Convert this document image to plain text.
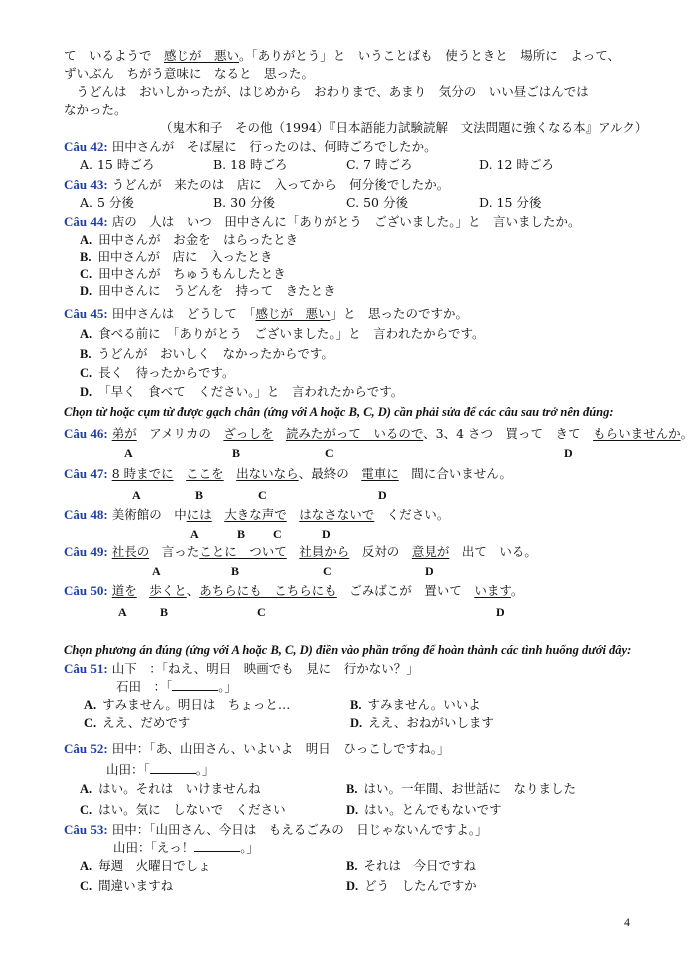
て　いるようで　感じが　悪い。「ありがとう」と　いうことばも　使うときと　場所に　よって、
ずいぶん　ちがう意味に　なると　思った。
　うどんは　おいしかったが、はじめから　おわりまで、あまり　気分の　いい昼ごはんでは
なかった。
（鬼木和子　その他（1994）『日本語能力試験読解　文法問題に強くなる本』アルク）
Câu 42: 田中さんが　そば屋に　行ったのは、何時ごろでしたか。
A. 15 時ごろ	B. 18 時ごろ	C. 7 時ごろ	D. 12 時ごろ
Câu 43: うどんが　来たのは　店に　入ってから　何分後でしたか。
A. 5 分後	B. 30 分後	C. 50 分後	D. 15 分後
Câu 44: 店の　人は　いつ　田中さんに「ありがとう　ございました。」と　言いましたか。
A. 田中さんが　お金を　はらったとき
B. 田中さんが　店に　入ったとき
C. 田中さんが　ちゅうもんしたとき
D. 田中さんに　うどんを　持って　きたとき
Câu 45: 田中さんは　どうして　「感じが　悪い」と　思ったのですか。
A. 食べる前に　「ありがとう　ございました。」と　言われたからです。
B. うどんが　おいしく　なかったからです。
C. 長く　待ったからです。
D. 「早く　食べて　ください。」と　言われたからです。
Chọn từ hoặc cụm từ được gạch chân (ứng với A hoặc B, C, D) cần phải sửa để các câu sau trở nên đúng:
Câu 46: 弟が　 アメリカの　 ざっしを　 読みたがって　いるので、3、4 さつ　買って　きて　 もらいませんか。
A	B	C	D
Câu 47: 8 時までに　 ここを　 出ないなら、最終の　 電車に　 間に合いません。
A	B	C	D
Câu 48: 美術館の　中には　 大きな声で　 はなさないで　 ください。
A	B C	D
Câu 49: 社長の　 言ったことに　ついて　 社員から　 反対の　 意見が　 出て　いる。
A	B	C	D
Câu 50: 道を　 歩くと、あちらにも　こちらにも　 ごみばこが　置いて　 います。
A	B	C	D
Chọn phương án đúng (ứng với A hoặc B, C, D) điền vào phần trống để hoàn thành các tình huống dưới đây:
Câu 51: 山下　：「ねえ、明日　映画でも　見に　行かない？」
石田　：「	。」
A. すみません。明日は　ちょっと…	B. すみません。いいよ
C. ええ、だめです	D. ええ、おねがいします
Câu 52: 田中：「あ、山田さん、いよいよ　明日　ひっこしですね。」
山田：「	。」
A. はい。それは　いけませんね	B. はい。一年間、お世話に　なりました
C. はい。気に　しないで　ください	D. はい。とんでもないです
Câu 53: 田中：「山田さん、今日は　もえるごみの　日じゃないんですよ。」
山田：「えっ！	。」
A. 毎週　火曜日でしょ	B. それは　今日ですね
C. 間違いますね	D. どう　したんですか
4
